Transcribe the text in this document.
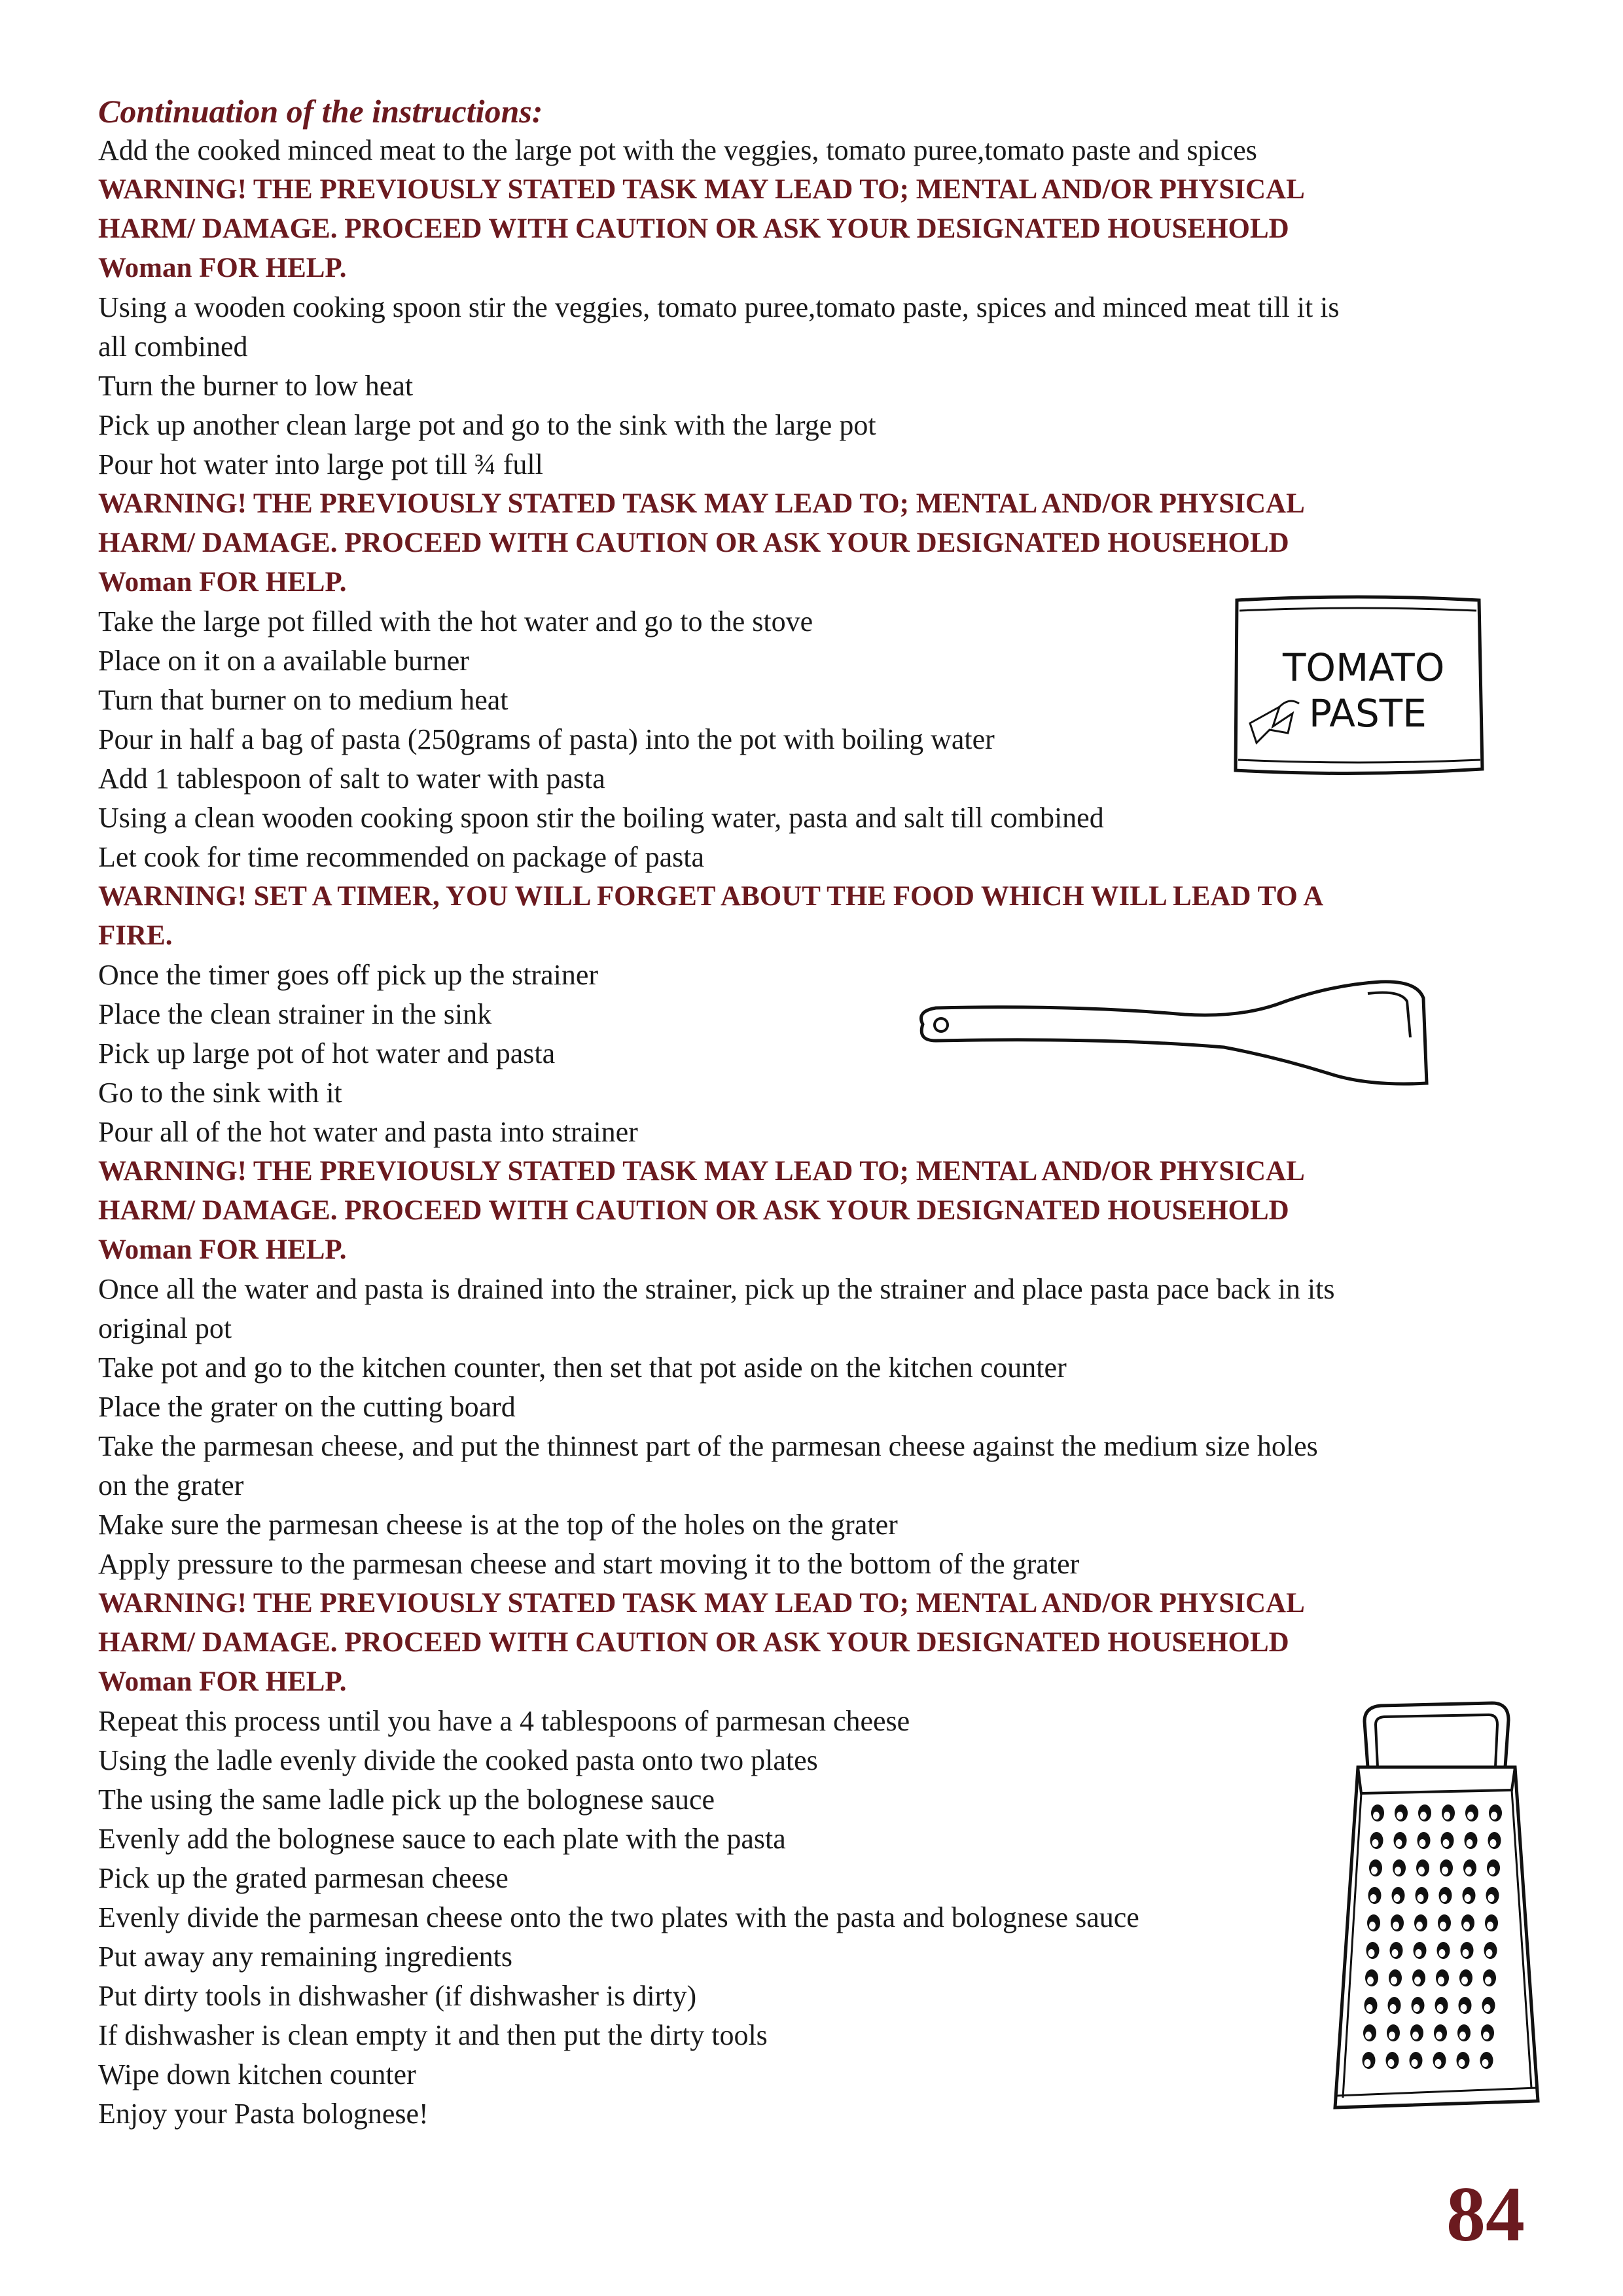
Continuation of the instructions:
Add the cooked minced meat to the large pot with the veggies, tomato puree,tomato paste and spices
WARNING! THE PREVIOUSLY STATED TASK MAY LEAD TO; MENTAL AND/OR PHYSICAL
HARM/ DAMAGE. PROCEED WITH CAUTION OR ASK YOUR DESIGNATED HOUSEHOLD
Woman FOR HELP.
Using a wooden cooking spoon stir the veggies, tomato puree,tomato paste, spices and minced meat till it is
all combined
Turn the burner to low heat
Pick up another clean large pot and go to the sink with the large pot
Pour hot water into large pot till ¾ full
WARNING! THE PREVIOUSLY STATED TASK MAY LEAD TO; MENTAL AND/OR PHYSICAL
HARM/ DAMAGE. PROCEED WITH CAUTION OR ASK YOUR DESIGNATED HOUSEHOLD
Woman FOR HELP.
Take the large pot filled with the hot water and go to the stove
Place on it on a available burner
Turn that burner on to medium heat
Pour in half a bag of pasta (250grams of pasta) into the pot with boiling water
Add 1 tablespoon of salt to water with pasta
Using a clean wooden cooking spoon stir the boiling water, pasta and salt till combined
Let cook for time recommended on package of pasta
WARNING! SET A TIMER, YOU WILL FORGET ABOUT THE FOOD WHICH WILL LEAD TO A
FIRE.
Once the timer goes off pick up the strainer
Place the clean strainer in the sink
Pick up large pot of hot water and pasta
Go to the sink with it
Pour all of the hot water and pasta into strainer
WARNING! THE PREVIOUSLY STATED TASK MAY LEAD TO; MENTAL AND/OR PHYSICAL
HARM/ DAMAGE. PROCEED WITH CAUTION OR ASK YOUR DESIGNATED HOUSEHOLD
Woman FOR HELP.
Once all the water and pasta is drained into the strainer, pick up the strainer and place pasta pace back in its
original pot
Take pot and go to the kitchen counter, then set that pot aside on the kitchen counter
Place the grater on the cutting board
Take the parmesan cheese, and put the thinnest part of the parmesan cheese against the medium size holes
on the grater
Make sure the parmesan cheese is at the top of the holes on the grater
Apply pressure to the parmesan cheese and start moving it to the bottom of the grater
WARNING! THE PREVIOUSLY STATED TASK MAY LEAD TO; MENTAL AND/OR PHYSICAL
HARM/ DAMAGE. PROCEED WITH CAUTION OR ASK YOUR DESIGNATED HOUSEHOLD
Woman FOR HELP.
Repeat this process until you have a 4 tablespoons of parmesan cheese
Using the ladle evenly divide the cooked pasta onto two plates
The using the same ladle pick up the bolognese sauce
Evenly add the bolognese sauce to each plate with the pasta
Pick up the grated parmesan cheese
Evenly divide the parmesan cheese onto the two plates with the pasta and bolognese sauce
Put away any remaining ingredients
Put dirty tools in dishwasher (if dishwasher is dirty)
If dishwasher is clean empty it and then put the dirty tools
Wipe down kitchen counter
Enjoy your Pasta bolognese!
TOMATO
PASTE
84
